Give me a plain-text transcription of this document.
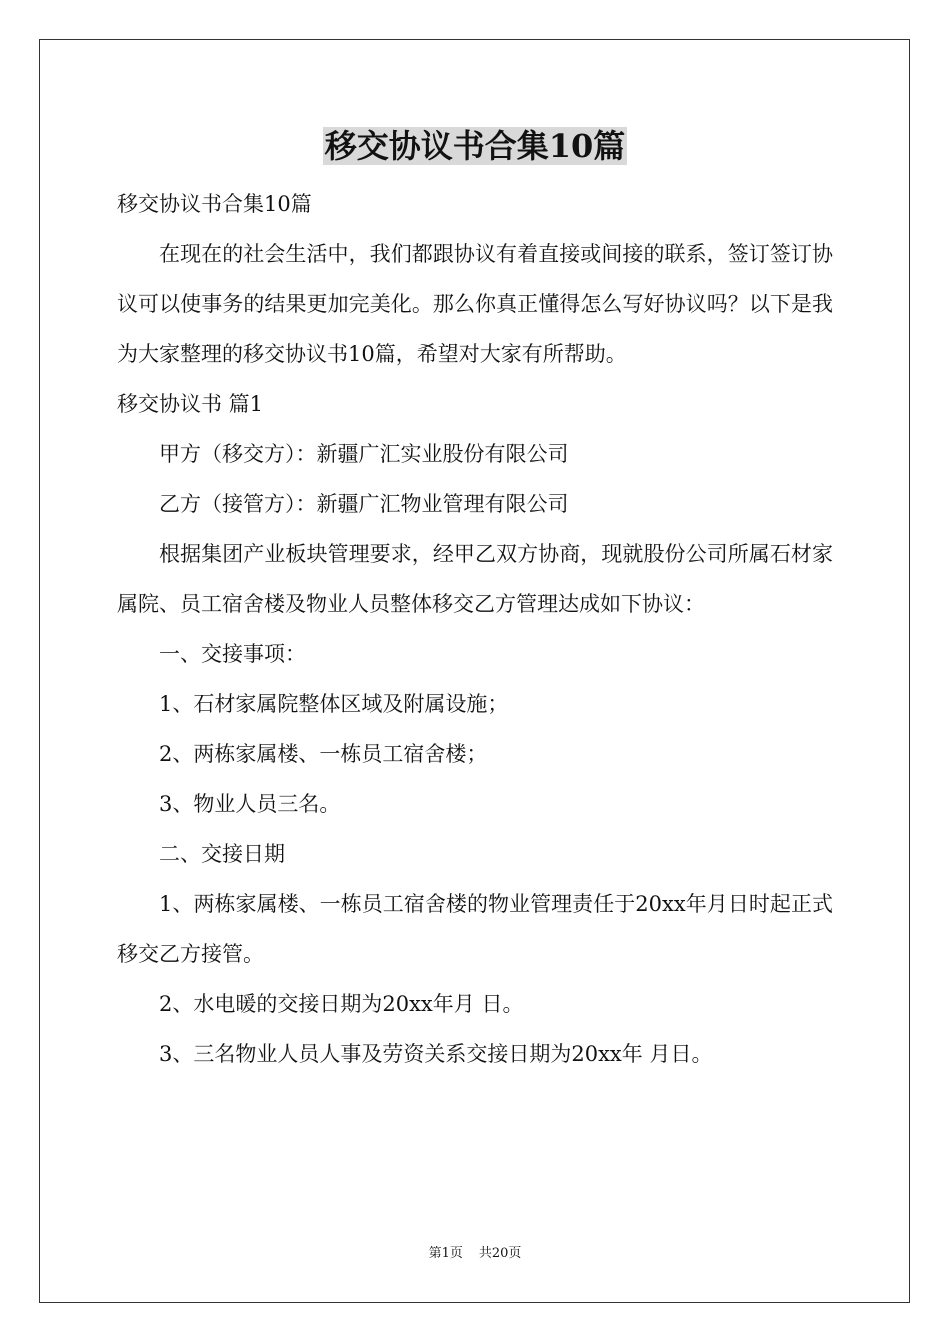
移交协议书合集10篇

移交协议书合集10篇

在现在的社会生活中，我们都跟协议有着直接或间接的联系，签订签订协议可以使事务的结果更加完美化。那么你真正懂得怎么写好协议吗？以下是我为大家整理的移交协议书10篇，希望对大家有所帮助。

移交协议书 篇1

甲方（移交方）：新疆广汇实业股份有限公司

乙方（接管方）：新疆广汇物业管理有限公司

根据集团产业板块管理要求，经甲乙双方协商，现就股份公司所属石材家属院、员工宿舍楼及物业人员整体移交乙方管理达成如下协议：

一、交接事项：

1、石材家属院整体区域及附属设施；

2、两栋家属楼、一栋员工宿舍楼；

3、物业人员三名。

二、交接日期

1、两栋家属楼、一栋员工宿舍楼的物业管理责任于20xx年月日时起正式移交乙方接管。

2、水电暖的交接日期为20xx年月 日。

3、三名物业人员人事及劳资关系交接日期为20xx年 月日。

第1页 共20页
